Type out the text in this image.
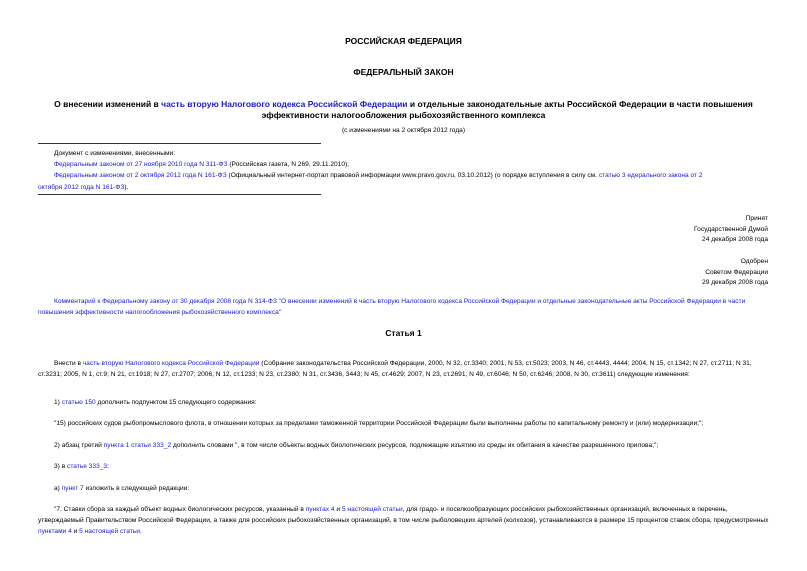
РОССИЙСКАЯ ФЕДЕРАЦИЯ
ФЕДЕРАЛЬНЫЙ ЗАКОН
О внесении изменений в часть вторую Налогового кодекса Российской Федерации и отдельные законодательные акты Российской Федерации в части повышения эффективности налогообложения рыбохозяйственного комплекса
(с изменениями на 2 октября 2012 года)
Документ с изменениями, внесенными:
Федеральным законом от 27 ноября 2010 года N 311-ФЗ (Российская газета, N 269, 29.11.2010);
Федеральным законом от 2 октября 2012 года N 161-ФЗ (Официальный интернет-портал правовой информации www.pravo.gov.ru, 03.10.2012) (о порядке вступления в силу см. статью 3 едерального закона от 2
октября 2012 года N 161-ФЗ).
Принят
Государственной Думой
24 декабря 2008 года
Одобрен
Советом Федерации
29 декабря 2008 года
Комментарий к Федеральному закону от 30 декабря 2008 года N 314-ФЗ "О внесении изменений в часть вторую Налогового кодекса Российской Федерации и отдельные законодательные акты Российской Федерации в части повышения эффективности налогообложения рыбохозяйственного комплекса"
Статья 1
Внести в часть вторую Налогового кодекса Российской Федерации (Собрание законодательства Российской Федерации, 2000, N 32, ст.3340; 2001, N 53, ст.5023; 2003, N 46, ст.4443, 4444; 2004, N 15, ст.1342; N 27, ст.2711; N 31, ст.3231; 2005, N 1, ст.9; N 21, ст.1918; N 27, ст.2707; 2006, N 12, ст.1233; N 23, ст.2380; N 31, ст.3436, 3443; N 45, ст.4629; 2007, N 23, ст.2691; N 49, ст.6046; N 50, ст.6246; 2008, N 30, ст.3611) следующие изменения:
1) статью 150 дополнить подпунктом 15 следующего содержания:
"15) российских судов рыбопромыслового флота, в отношении которых за пределами таможенной территории Российской Федерации были выполнены работы по капитальному ремонту и (или) модернизации;";
2) абзац третий пункта 1 статьи 333_2 дополнить словами ", в том числе объекты водных биологических ресурсов, подлежащие изъятию из среды их обитания в качестве разрешенного прилова;";
3) в статье 333_3:
а) пункт 7 изложить в следующей редакции:
"7. Ставки сбора за каждый объект водных биологических ресурсов, указанный в пунктах 4 и 5 настоящей статьи, для градо- и поселкообразующих российских рыбохозяйственных организаций, включенных в перечень, утверждаемый Правительством Российской Федерации, а также для российских рыбохозяйственных организаций, в том числе рыболовецких артелей (колхозов), устанавливаются в размере 15 процентов ставок сбора, предусмотренных пунктами 4 и 5 настоящей статьи.
